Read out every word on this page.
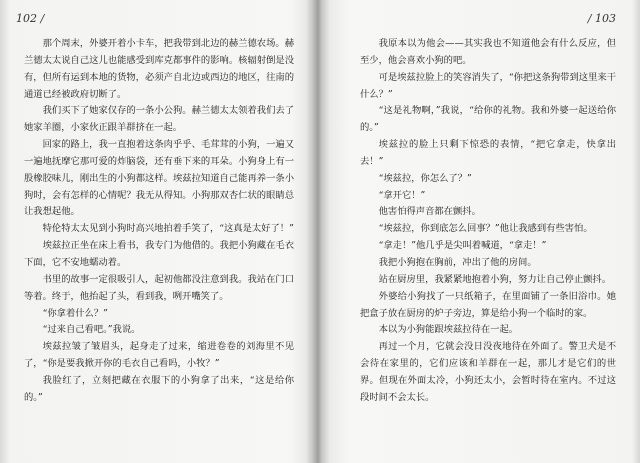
102 /

那个周末，外婆开着小卡车，把我带到北边的赫兰德农场。赫兰德太太说自己这儿也能感受到库克都事件的影响。核辐射倒是没有，但所有运到本地的货物，必须产自北边或西边的地区，往南的通道已经被政府切断了。

我们买下了她家仅存的一条小公狗。赫兰德太太领着我们去了她家羊圈，小家伙正跟羊群挤在一起。

回家的路上，我一直抱着这条肉乎乎、毛茸茸的小狗，一遍又一遍地抚摩它那可爱的炸脑袋，还有垂下来的耳朵。小狗身上有一股橡胶味儿，刚出生的小狗都这样。埃兹拉知道自己能再养一条小狗时，会有怎样的心情呢？我无从得知。小狗那双杏仁状的眼睛总让我想起他。

特伦特太太见到小狗时高兴地拍着手笑了，“这真是太好了！”

埃兹拉正坐在床上看书，我专门为他借的。我把小狗藏在毛衣下面，它不安地蠕动着。

书里的故事一定很吸引人，起初他都没注意到我。我站在门口等着。终于，他抬起了头，看到我，咧开嘴笑了。

“你拿着什么？”

“过来自己看吧。”我说。

埃兹拉皱了皱眉头，起身走了过来，缩进卷卷的刘海里不见了，“你是要我掀开你的毛衣自己看吗，小牧？”

我脸红了，立刻把藏在衣服下的小狗拿了出来，“这是给你的。”

/ 103

我原本以为他会——其实我也不知道他会有什么反应，但至少，他会喜欢小狗的吧。

可是埃兹拉脸上的笑容消失了，“你把这条狗带到这里来干什么？”

“这是礼物啊，”我说，“给你的礼物。我和外婆一起送给你的。”

埃兹拉的脸上只剩下惊恐的表情，“把它拿走，快拿出去！”

“埃兹拉，你怎么了？”

“拿开它！”

他害怕得声音都在颤抖。

“埃兹拉，你到底怎么回事？”他让我感到有些害怕。

“拿走！”他几乎是尖叫着喊道，“拿走！”

我把小狗抱在胸前，冲出了他的房间。

站在厨房里，我紧紧地抱着小狗，努力让自己停止颤抖。

外婆给小狗找了一只纸箱子，在里面铺了一条旧浴巾。她把盒子放在厨房的炉子旁边，算是给小狗一个临时的家。

本以为小狗能跟埃兹拉待在一起。

再过一个月，它就会没日没夜地待在外面了。警卫犬是不会待在家里的，它们应该和羊群在一起，那儿才是它们的世界。但现在外面太冷，小狗还太小，会暂时待在室内。不过这段时间不会太长。
